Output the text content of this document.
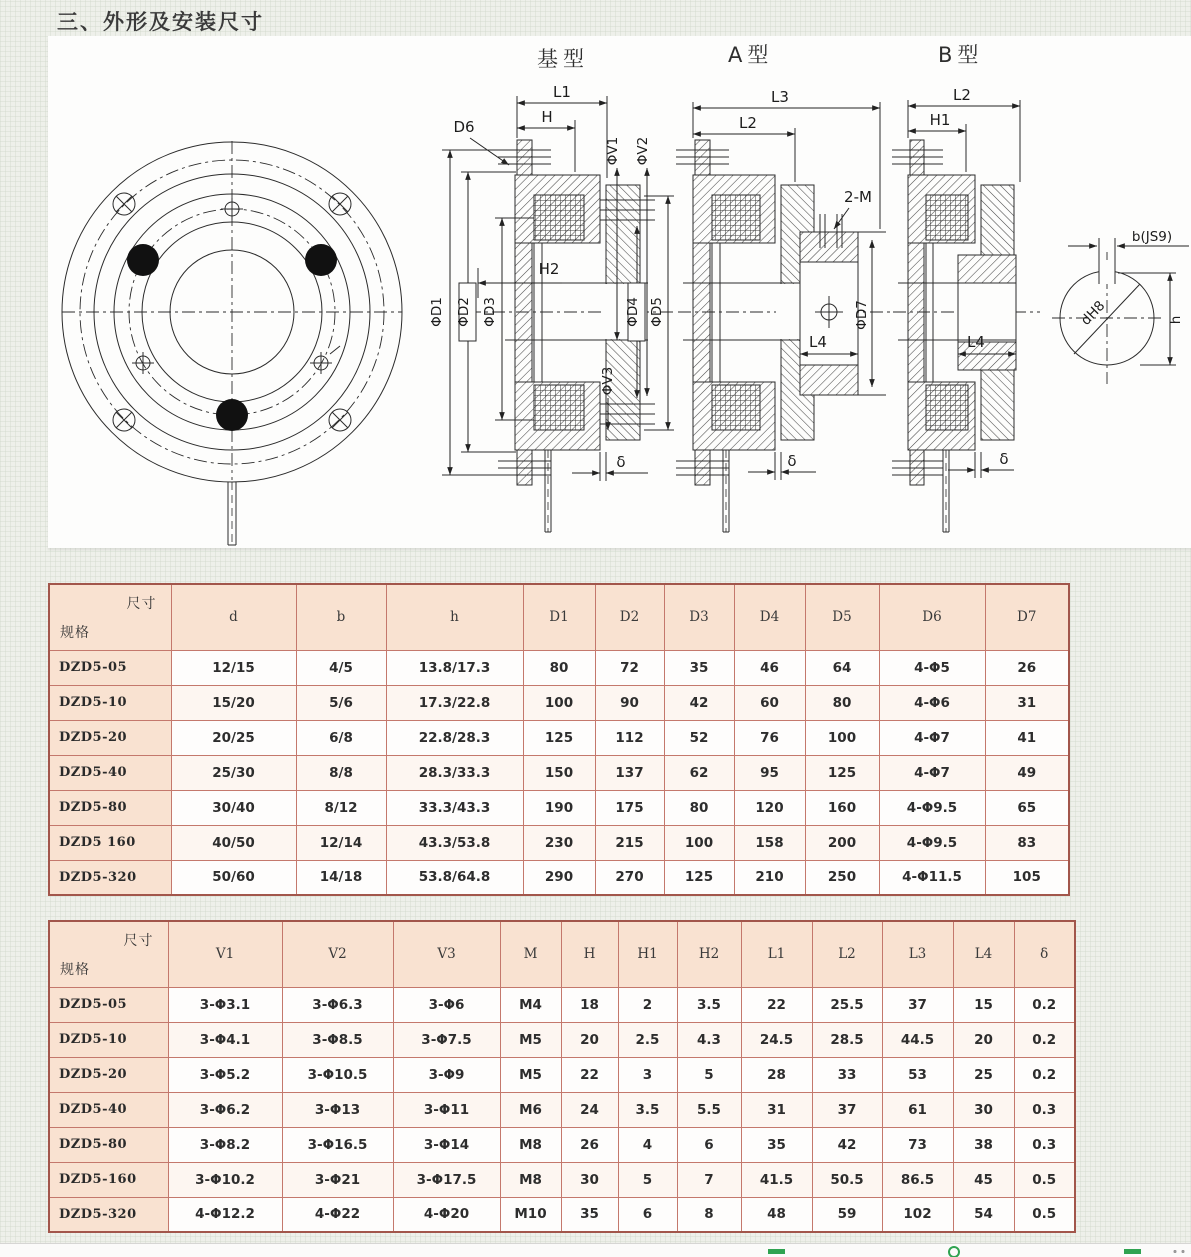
三、外形及安装尺寸
基型
L1
H
D6
ΦV1 ΦV2
H2
ΦD1 ΦD2 ΦD3	ΦD4 ΦD5
ΦV3
δ
A型
L3
L2
2-M
ΦD7
L4
δ
B型
L2
H1
L4
δ
b(JS9)
dH8	h
尺寸
规格	d	b	h	D1	D2	D3	D4	D5	D6	D7
DZD5-05	12/15	4/5	13.8/17.3	80	72	35	46	64	4-Φ5	26
DZD5-10	15/20	5/6	17.3/22.8	100	90	42	60	80	4-Φ6	31
DZD5-20	20/25	6/8	22.8/28.3	125	112	52	76	100	4-Φ7	41
DZD5-40	25/30	8/8	28.3/33.3	150	137	62	95	125	4-Φ7	49
DZD5-80	30/40	8/12	33.3/43.3	190	175	80	120	160	4-Φ9.5	65
DZD5 160	40/50	12/14	43.3/53.8	230	215	100	158	200	4-Φ9.5	83
DZD5-320	50/60	14/18	53.8/64.8	290	270	125	210	250	4-Φ11.5	105
尺寸
规格	V1	V2	V3	M	H	H1	H2	L1	L2	L3	L4	δ
DZD5-05	3-Φ3.1	3-Φ6.3	3-Φ6	M4	18	2	3.5	22	25.5	37	15	0.2
DZD5-10	3-Φ4.1	3-Φ8.5	3-Φ7.5	M5	20	2.5	4.3	24.5	28.5	44.5	20	0.2
DZD5-20	3-Φ5.2	3-Φ10.5	3-Φ9	M5	22	3	5	28	33	53	25	0.2
DZD5-40	3-Φ6.2	3-Φ13	3-Φ11	M6	24	3.5	5.5	31	37	61	30	0.3
DZD5-80	3-Φ8.2	3-Φ16.5	3-Φ14	M8	26	4	6	35	42	73	38	0.3
DZD5-160	3-Φ10.2	3-Φ21	3-Φ17.5	M8	30	5	7	41.5	50.5	86.5	45	0.5
DZD5-320	4-Φ12.2	4-Φ22	4-Φ20	M10	35	6	8	48	59	102	54	0.5
